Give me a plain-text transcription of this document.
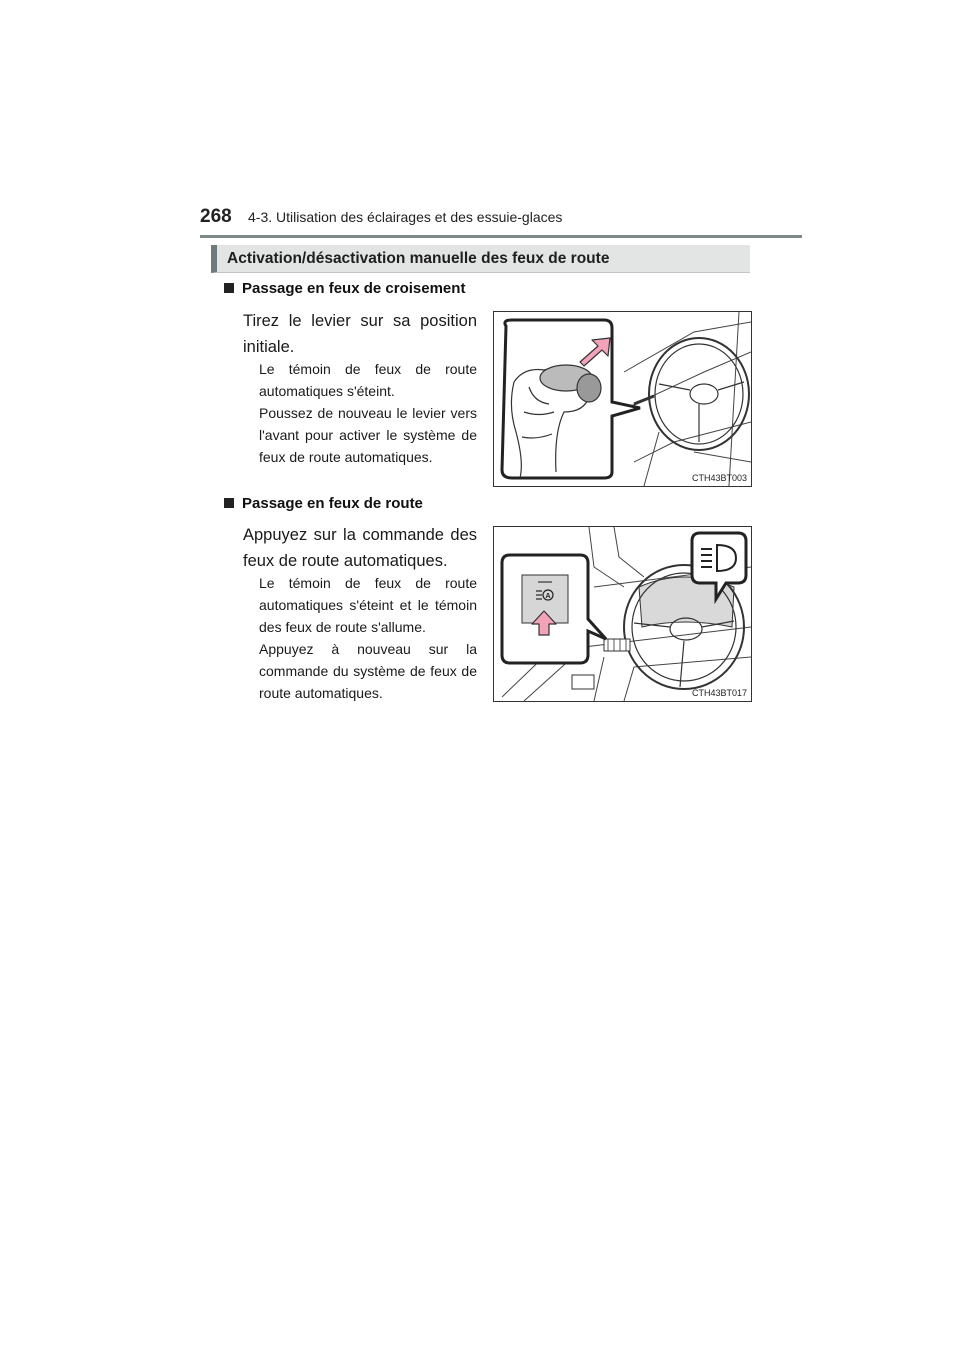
268 4-3. Utilisation des éclairages et des essuie-glaces
Activation/désactivation manuelle des feux de route
Passage en feux de croisement
Tirez le levier sur sa position initiale.
Le témoin de feux de route automatiques s'éteint.
Poussez de nouveau le levier vers l'avant pour activer le système de feux de route automatiques.
CTH43BT003
Passage en feux de route
Appuyez sur la commande des feux de route automatiques.
Le témoin de feux de route automatiques s'éteint et le témoin des feux de route s'allume.
Appuyez à nouveau sur la commande du système de feux de route automatiques.
A
CTH43BT017
